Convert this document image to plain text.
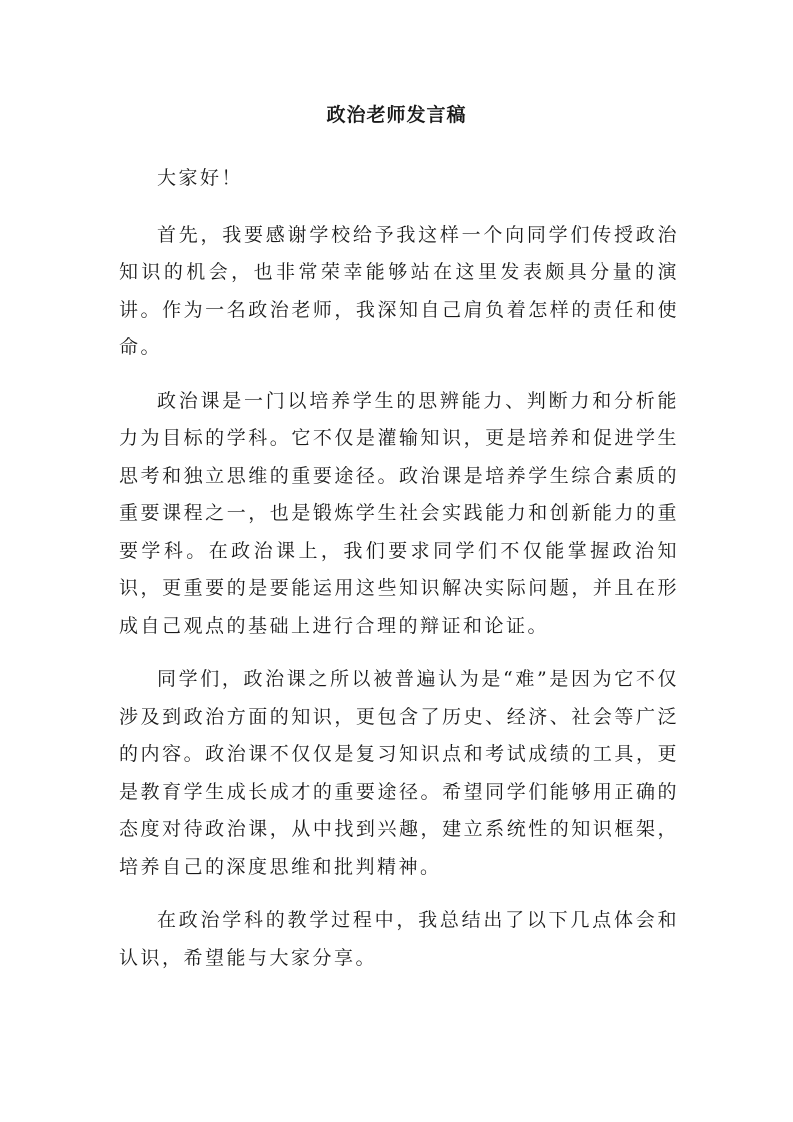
政治老师发言稿

大家好！

首先，我要感谢学校给予我这样一个向同学们传授政治知识的机会，也非常荣幸能够站在这里发表颇具分量的演讲。作为一名政治老师，我深知自己肩负着怎样的责任和使命。

政治课是一门以培养学生的思辨能力、判断力和分析能力为目标的学科。它不仅是灌输知识，更是培养和促进学生思考和独立思维的重要途径。政治课是培养学生综合素质的重要课程之一，也是锻炼学生社会实践能力和创新能力的重要学科。在政治课上，我们要求同学们不仅能掌握政治知识，更重要的是要能运用这些知识解决实际问题，并且在形成自己观点的基础上进行合理的辩证和论证。

同学们，政治课之所以被普遍认为是“难”是因为它不仅涉及到政治方面的知识，更包含了历史、经济、社会等广泛的内容。政治课不仅仅是复习知识点和考试成绩的工具，更是教育学生成长成才的重要途径。希望同学们能够用正确的态度对待政治课，从中找到兴趣，建立系统性的知识框架，培养自己的深度思维和批判精神。

在政治学科的教学过程中，我总结出了以下几点体会和认识，希望能与大家分享。
